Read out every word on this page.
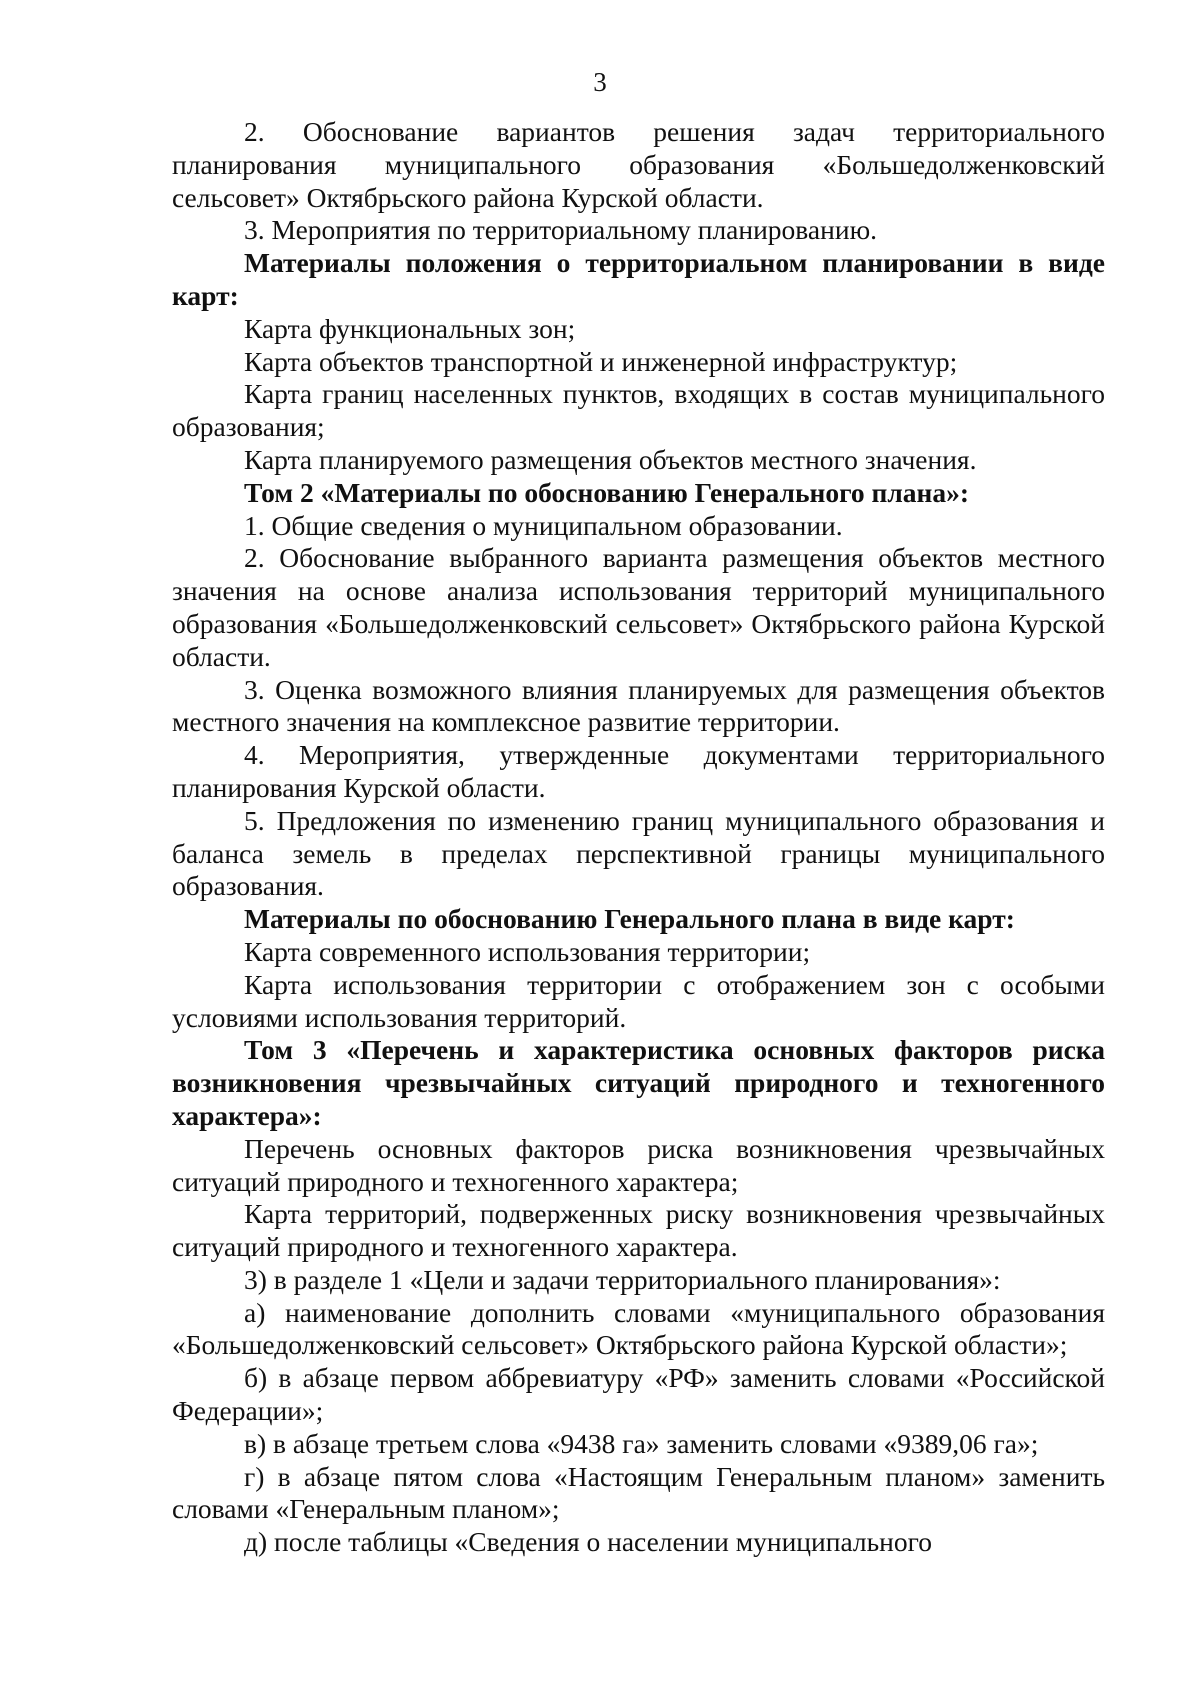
3

2. Обоснование вариантов решения задач территориального планирования муниципального образования «Большедолженковский сельсовет» Октябрьского района Курской области.

3. Мероприятия по территориальному планированию.

Материалы положения о территориальном планировании в виде карт:

Карта функциональных зон;

Карта объектов транспортной и инженерной инфраструктур;

Карта границ населенных пунктов, входящих в состав муниципального образования;

Карта планируемого размещения объектов местного значения.

Том 2 «Материалы по обоснованию Генерального плана»:

1. Общие сведения о муниципальном образовании.

2. Обоснование выбранного варианта размещения объектов местного значения на основе анализа использования территорий муниципального образования «Большедолженковский сельсовет» Октябрьского района Курской области.

3. Оценка возможного влияния планируемых для размещения объектов местного значения на комплексное развитие территории.

4. Мероприятия, утвержденные документами территориального планирования Курской области.

5. Предложения по изменению границ муниципального образования и баланса земель в пределах перспективной границы муниципального образования.

Материалы по обоснованию Генерального плана в виде карт:

Карта современного использования территории;

Карта использования территории с отображением зон с особыми условиями использования территорий.

Том 3 «Перечень и характеристика основных факторов риска возникновения чрезвычайных ситуаций природного и техногенного характера»:

Перечень основных факторов риска возникновения чрезвычайных ситуаций природного и техногенного характера;

Карта территорий, подверженных риску возникновения чрезвычайных ситуаций природного и техногенного характера.

3) в разделе 1 «Цели и задачи территориального планирования»:

а) наименование дополнить словами «муниципального образования «Большедолженковский сельсовет» Октябрьского района Курской области»;

б) в абзаце первом аббревиатуру «РФ» заменить словами «Российской Федерации»;

в) в абзаце третьем слова «9438 га» заменить словами «9389,06 га»;

г) в абзаце пятом слова «Настоящим Генеральным планом» заменить словами «Генеральным планом»;

д) после таблицы «Сведения о населении муниципального
